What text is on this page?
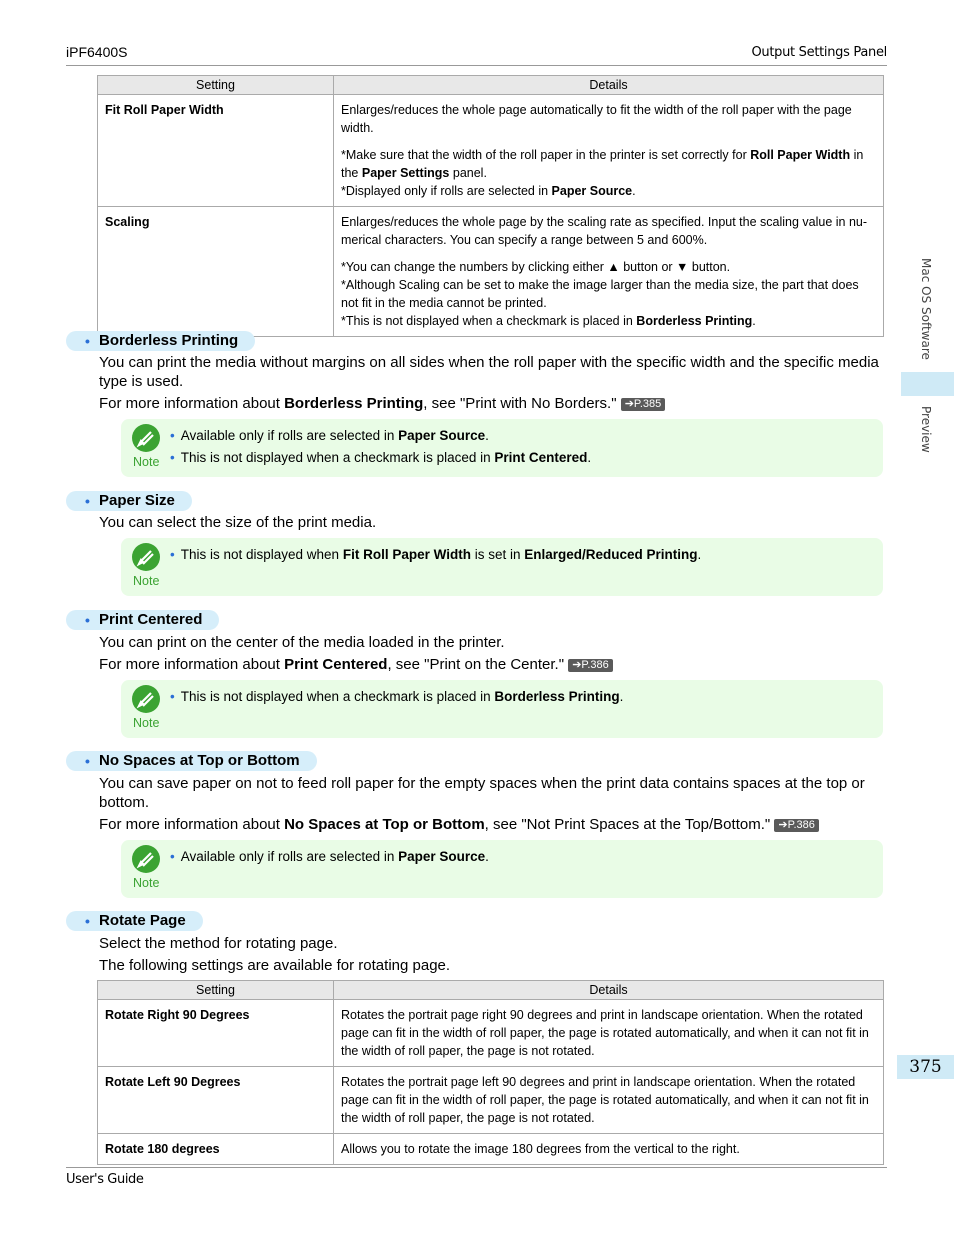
iPF6400S	Output Settings Panel
User's Guide
Mac OS Software
Preview
375
Setting	Details
Fit Roll Paper Width	Enlarges/reduces the whole page automatically to fit the width of the roll paper with the page width.

*Make sure that the width of the roll paper in the printer is set correctly for Roll Paper Width in the Paper Settings panel.
*Displayed only if rolls are selected in Paper Source.

Scaling	Enlarges/reduces the whole page by the scaling rate as specified. Input the scaling value in nu-merical characters. You can specify a range between 5 and 600%.

*You can change the numbers by clicking either ▲ button or ▼ button.
*Although Scaling can be set to make the image larger than the media size, the part that does not fit in the media cannot be printed.
*This is not displayed when a checkmark is placed in Borderless Printing.

• Borderless Printing
You can print the media without margins on all sides when the roll paper with the specific width and the specific media type is used.
For more information about Borderless Printing, see "Print with No Borders." ➔P.385
Note
• Available only if rolls are selected in Paper Source.
• This is not displayed when a checkmark is placed in Print Centered.
• Paper Size
You can select the size of the print media.
Note
• This is not displayed when Fit Roll Paper Width is set in Enlarged/Reduced Printing.
• Print Centered
You can print on the center of the media loaded in the printer.
For more information about Print Centered, see "Print on the Center." ➔P.386
Note
• This is not displayed when a checkmark is placed in Borderless Printing.
• No Spaces at Top or Bottom
You can save paper on not to feed roll paper for the empty spaces when the print data contains spaces at the top or bottom.
For more information about No Spaces at Top or Bottom, see "Not Print Spaces at the Top/Bottom." ➔P.386
Note
• Available only if rolls are selected in Paper Source.
• Rotate Page
Select the method for rotating page.
The following settings are available for rotating page.
Setting	Details
Rotate Right 90 Degrees	Rotates the portrait page right 90 degrees and print in landscape orientation. When the rotated page can fit in the width of roll paper, the page is rotated automatically, and when it can not fit in the width of roll paper, the page is not rotated.
Rotate Left 90 Degrees	Rotates the portrait page left 90 degrees and print in landscape orientation. When the rotated page can fit in the width of roll paper, the page is rotated automatically, and when it can not fit in the width of roll paper, the page is not rotated.
Rotate 180 degrees	Allows you to rotate the image 180 degrees from the vertical to the right.
